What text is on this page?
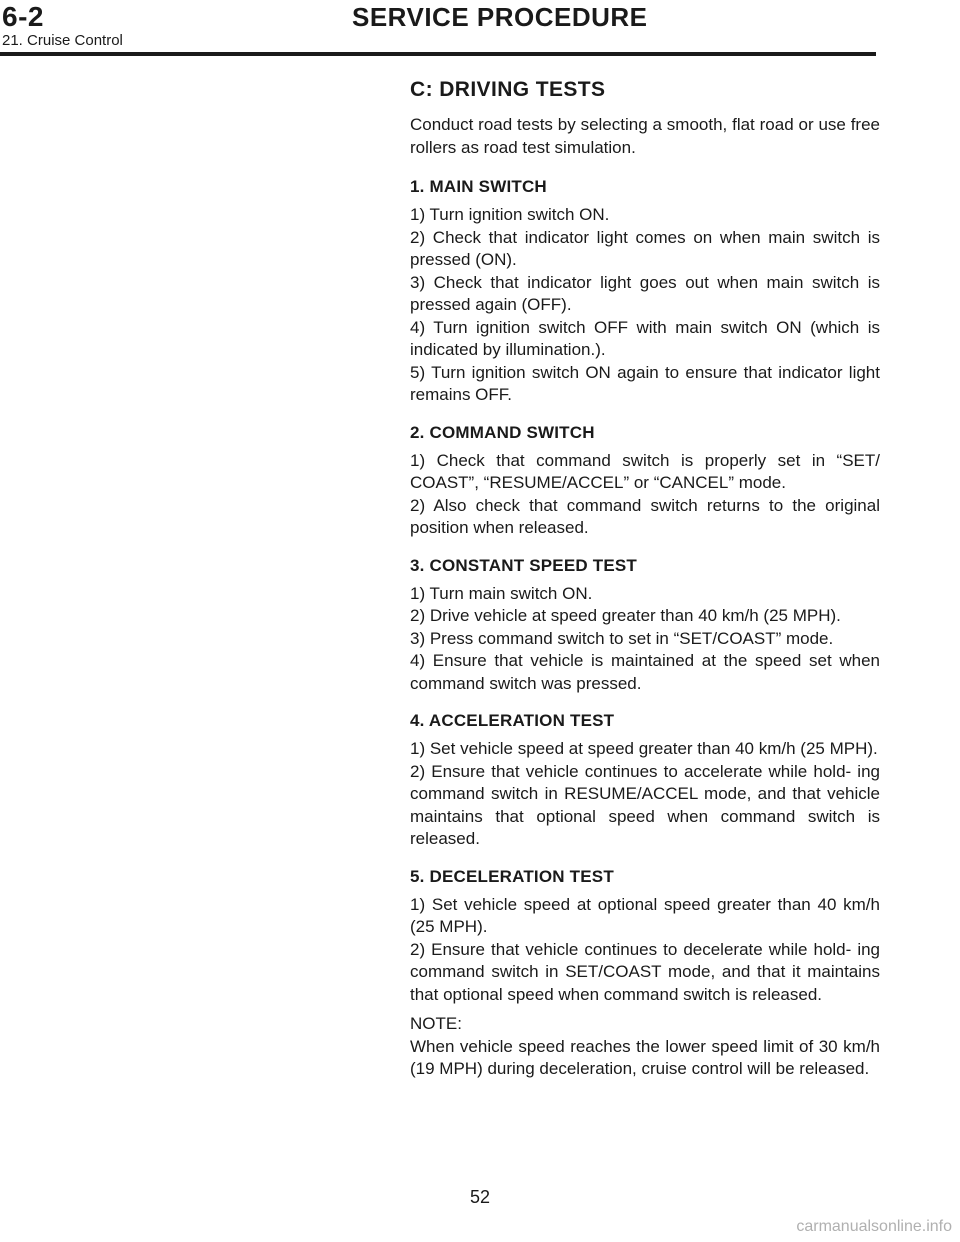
6-2
21. Cruise Control
SERVICE PROCEDURE
C: DRIVING TESTS

Conduct road tests by selecting a smooth, flat road or use free rollers as road test simulation.

1. MAIN SWITCH

1) Turn ignition switch ON.

2) Check that indicator light comes on when main switch is pressed (ON).

3) Check that indicator light goes out when main switch is pressed again (OFF).

4) Turn ignition switch OFF with main switch ON (which is indicated by illumination.).

5) Turn ignition switch ON again to ensure that indicator light remains OFF.

2. COMMAND SWITCH

1) Check that command switch is properly set in “SET/ COAST”, “RESUME/ACCEL” or “CANCEL” mode.

2) Also check that command switch returns to the original position when released.

3. CONSTANT SPEED TEST

1) Turn main switch ON.

2) Drive vehicle at speed greater than 40 km/h (25 MPH).

3) Press command switch to set in “SET/COAST” mode.

4) Ensure that vehicle is maintained at the speed set when command switch was pressed.

4. ACCELERATION TEST

1) Set vehicle speed at speed greater than 40 km/h (25 MPH).

2) Ensure that vehicle continues to accelerate while hold- ing command switch in RESUME/ACCEL mode, and that vehicle maintains that optional speed when command switch is released.

5. DECELERATION TEST

1) Set vehicle speed at optional speed greater than 40 km/h (25 MPH).

2) Ensure that vehicle continues to decelerate while hold- ing command switch in SET/COAST mode, and that it maintains that optional speed when command switch is released.

NOTE:

When vehicle speed reaches the lower speed limit of 30 km/h (19 MPH) during deceleration, cruise control will be released.

52
carmanualsonline.info
